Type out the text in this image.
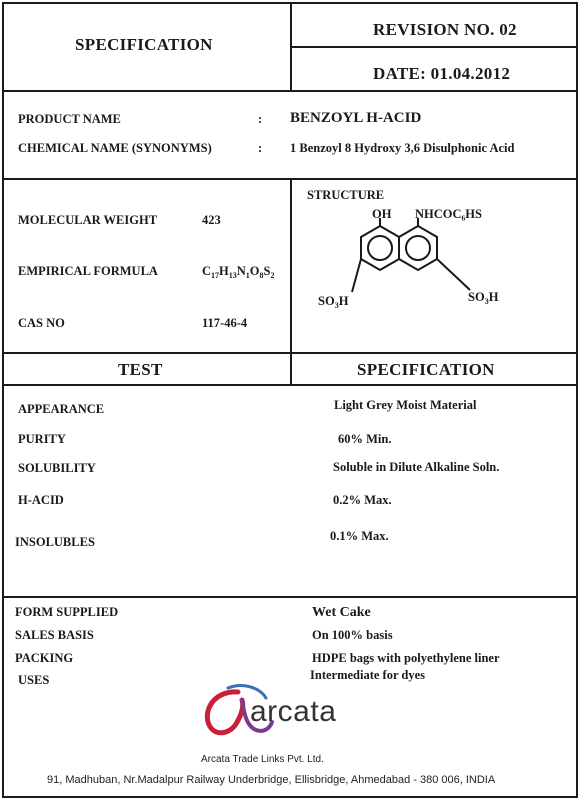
SPECIFICATION
REVISION NO. 02
DATE: 01.04.2012
PRODUCT NAME	: BENZOYL H-ACID
CHEMICAL NAME (SYNONYMS)	: 1 Benzoyl 8 Hydroxy 3,6 Disulphonic Acid
MOLECULAR WEIGHT	423
EMPIRICAL FORMULA	$C_{17}H_{13}N_1O_8S_2$
CAS NO	117-46-4
STRUCTURE
OH NHCOC₆HS
$SO_3H$	$SO_3H$
TEST	SPECIFICATION
APPEARANCE	Light Grey Moist Material
PURITY	60% Min.
SOLUBILITY	Soluble in Dilute Alkaline Soln.
H-ACID	0.2% Max.
INSOLUBLES	0.1% Max.
FORM SUPPLIED	Wet Cake
SALES BASIS	On 100% basis
PACKING	HDPE bags with polyethylene liner
USES	Intermediate for dyes
arcata
Arcata Trade Links Pvt. Ltd.
91, Madhuban, Nr.Madalpur Railway Underbridge, Ellisbridge, Ahmedabad - 380 006, INDIA
